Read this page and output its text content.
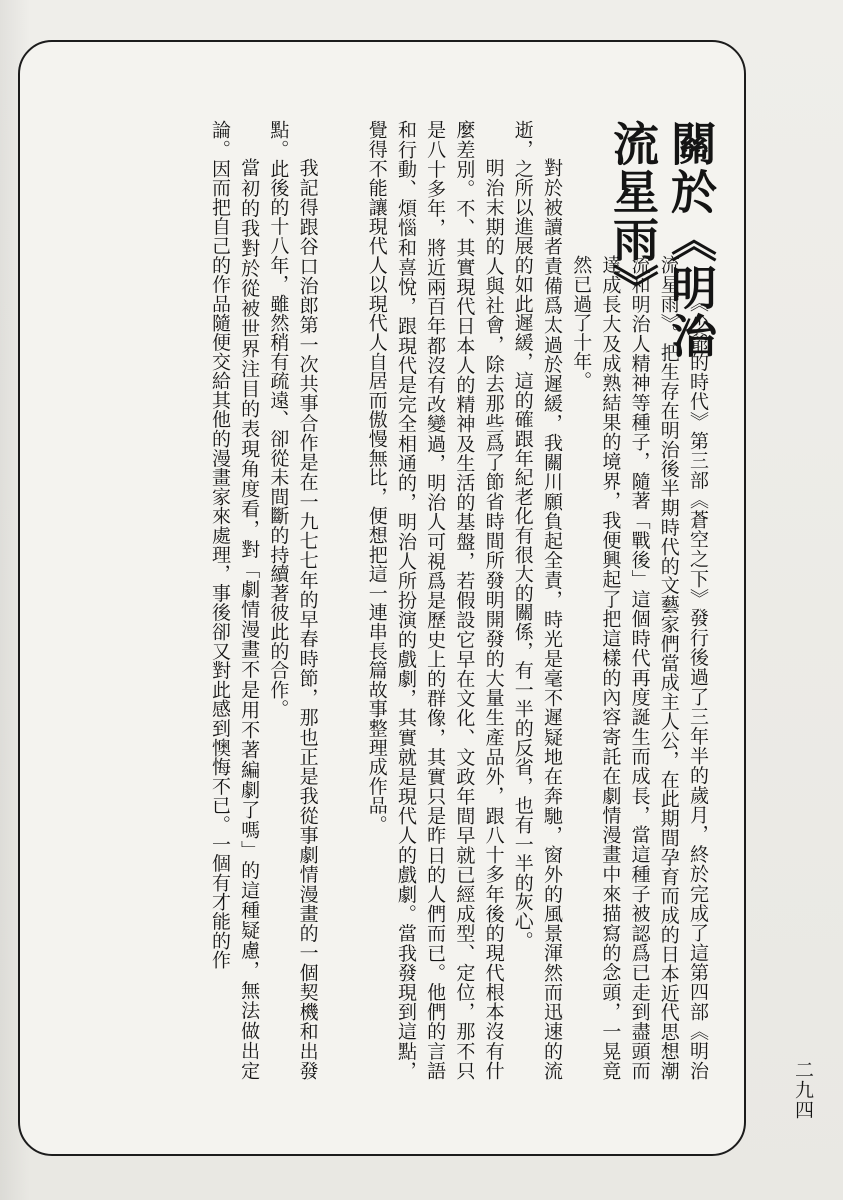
關於《明治
流星雨》

《少爺的時代》第三部《蒼空之下》發行後過了三年半的歲月，終於完成了這第四部《明治流星雨》。把生存在明治後半期時代的文藝家們當成主人公，在此期間孕育而成的日本近代思想潮流和明治人精神等種子，隨著「戰後」這個時代再度誕生而成長，當這種子被認爲已走到盡頭而達成長大及成熟結果的境界，我便興起了把這樣的內容寄託在劇情漫畫中來描寫的念頭，一晃竟然已過了十年。

對於被讀者責備爲太過於遲緩，我關川願負起全責，時光是毫不遲疑地在奔馳，窗外的風景渾然而迅速的流逝，之所以進展的如此遲緩，這的確跟年紀老化有很大的關係，有一半的反省，也有一半的灰心。

明治末期的人與社會，除去那些爲了節省時間所發明開發的大量生產品外，跟八十多年後的現代根本沒有什麼差別。不、其實現代日本人的精神及生活的基盤，若假設它早在文化、文政年間早就已經成型、定位，那不只是八十多年，將近兩百年都沒有改變過，明治人可視爲是歷史上的群像，其實只是昨日的人們而已。他們的言語和行動、煩惱和喜悅，跟現代是完全相通的，明治人所扮演的戲劇，其實就是現代人的戲劇。當我發現到這點，覺得不能讓現代人以現代人自居而傲慢無比，便想把這一連串長篇故事整理成作品。

我記得跟谷口治郎第一次共事合作是在一九七七年的早春時節，那也正是我從事劇情漫畫的一個契機和出發點。此後的十八年，雖然稍有疏遠、卻從未間斷的持續著彼此的合作。

當初的我對於從被世界注目的表現角度看，對「劇情漫畫不是用不著編劇了嗎」的這種疑慮，無法做出定論。因而把自己的作品隨便交給其他的漫畫家來處理，事後卻又對此感到懊悔不已。一個有才能的作

二九四
